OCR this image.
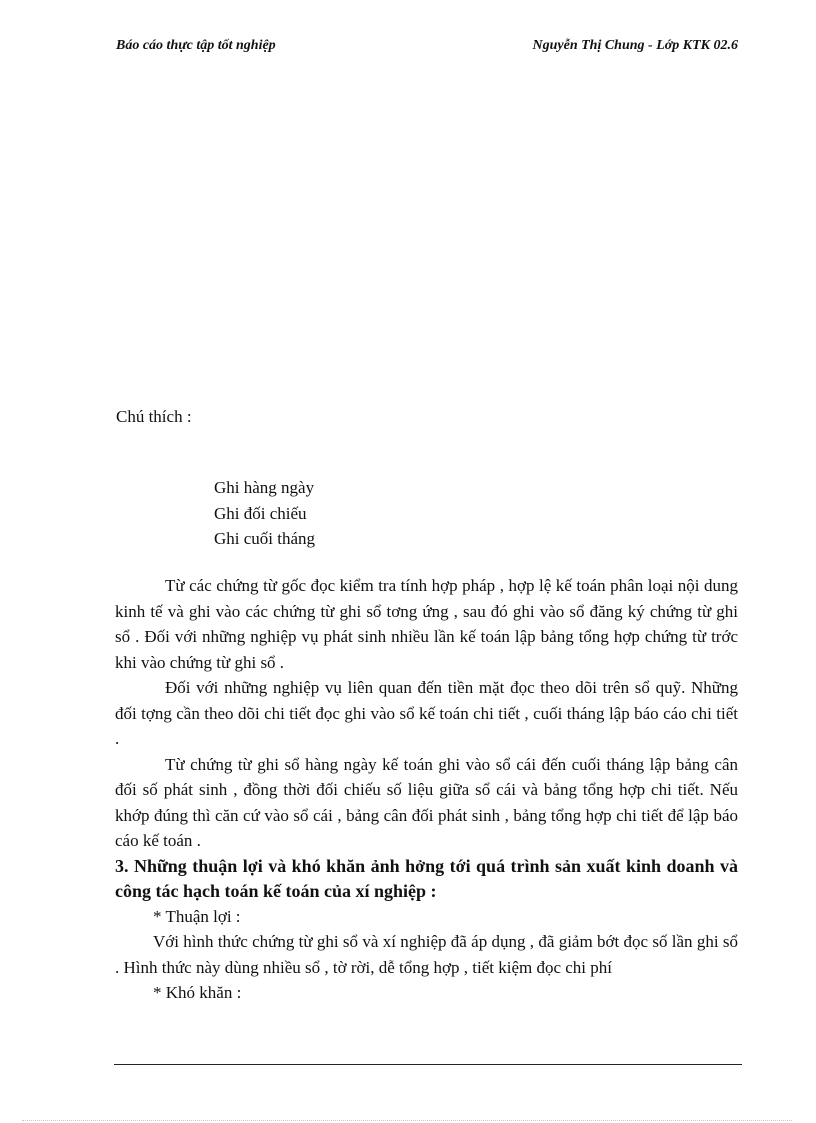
Báo cáo thực tập tốt nghiệp	Nguyễn Thị Chung - Lớp KTK 02.6
Chú thích :
Ghi hàng ngày
Ghi đối chiếu
Ghi cuối tháng

Từ các chứng từ gốc đọc kiểm tra tính hợp pháp , hợp lệ kế toán phân loại nội dung kinh tế và ghi vào các chứng từ ghi sổ tơng ứng , sau đó ghi vào sổ đăng ký chứng từ ghi sổ . Đối với những nghiệp vụ phát sinh nhiều lần kế toán lập bảng tổng hợp chứng từ trớc khi vào chứng từ ghi sổ .

Đối với những nghiệp vụ liên quan đến tiền mặt đọc theo dõi trên sổ quỹ. Những đối tợng cần theo dõi chi tiết đọc ghi vào sổ kế toán chi tiết , cuối tháng lập báo cáo chi tiết .

Từ chứng từ ghi sổ hàng ngày kế toán ghi vào sổ cái đến cuối tháng lập bảng cân đối số phát sinh , đồng thời đối chiếu số liệu giữa sổ cái và bảng tổng hợp chi tiết. Nếu khớp đúng thì căn cứ vào sổ cái , bảng cân đối phát sinh , bảng tổng hợp chi tiết để lập báo cáo kế toán .

3. Những thuận lợi và khó khăn ảnh hởng tới quá trình sản xuất kinh doanh và công tác hạch toán kế toán của xí nghiệp :

* Thuận lợi :

Với hình thức chứng từ ghi sổ và xí nghiệp đã áp dụng , đã giảm bớt đọc số lần ghi sổ . Hình thức này dùng nhiều sổ , tờ rời, dễ tổng hợp , tiết kiệm đọc chi phí

* Khó khăn :
